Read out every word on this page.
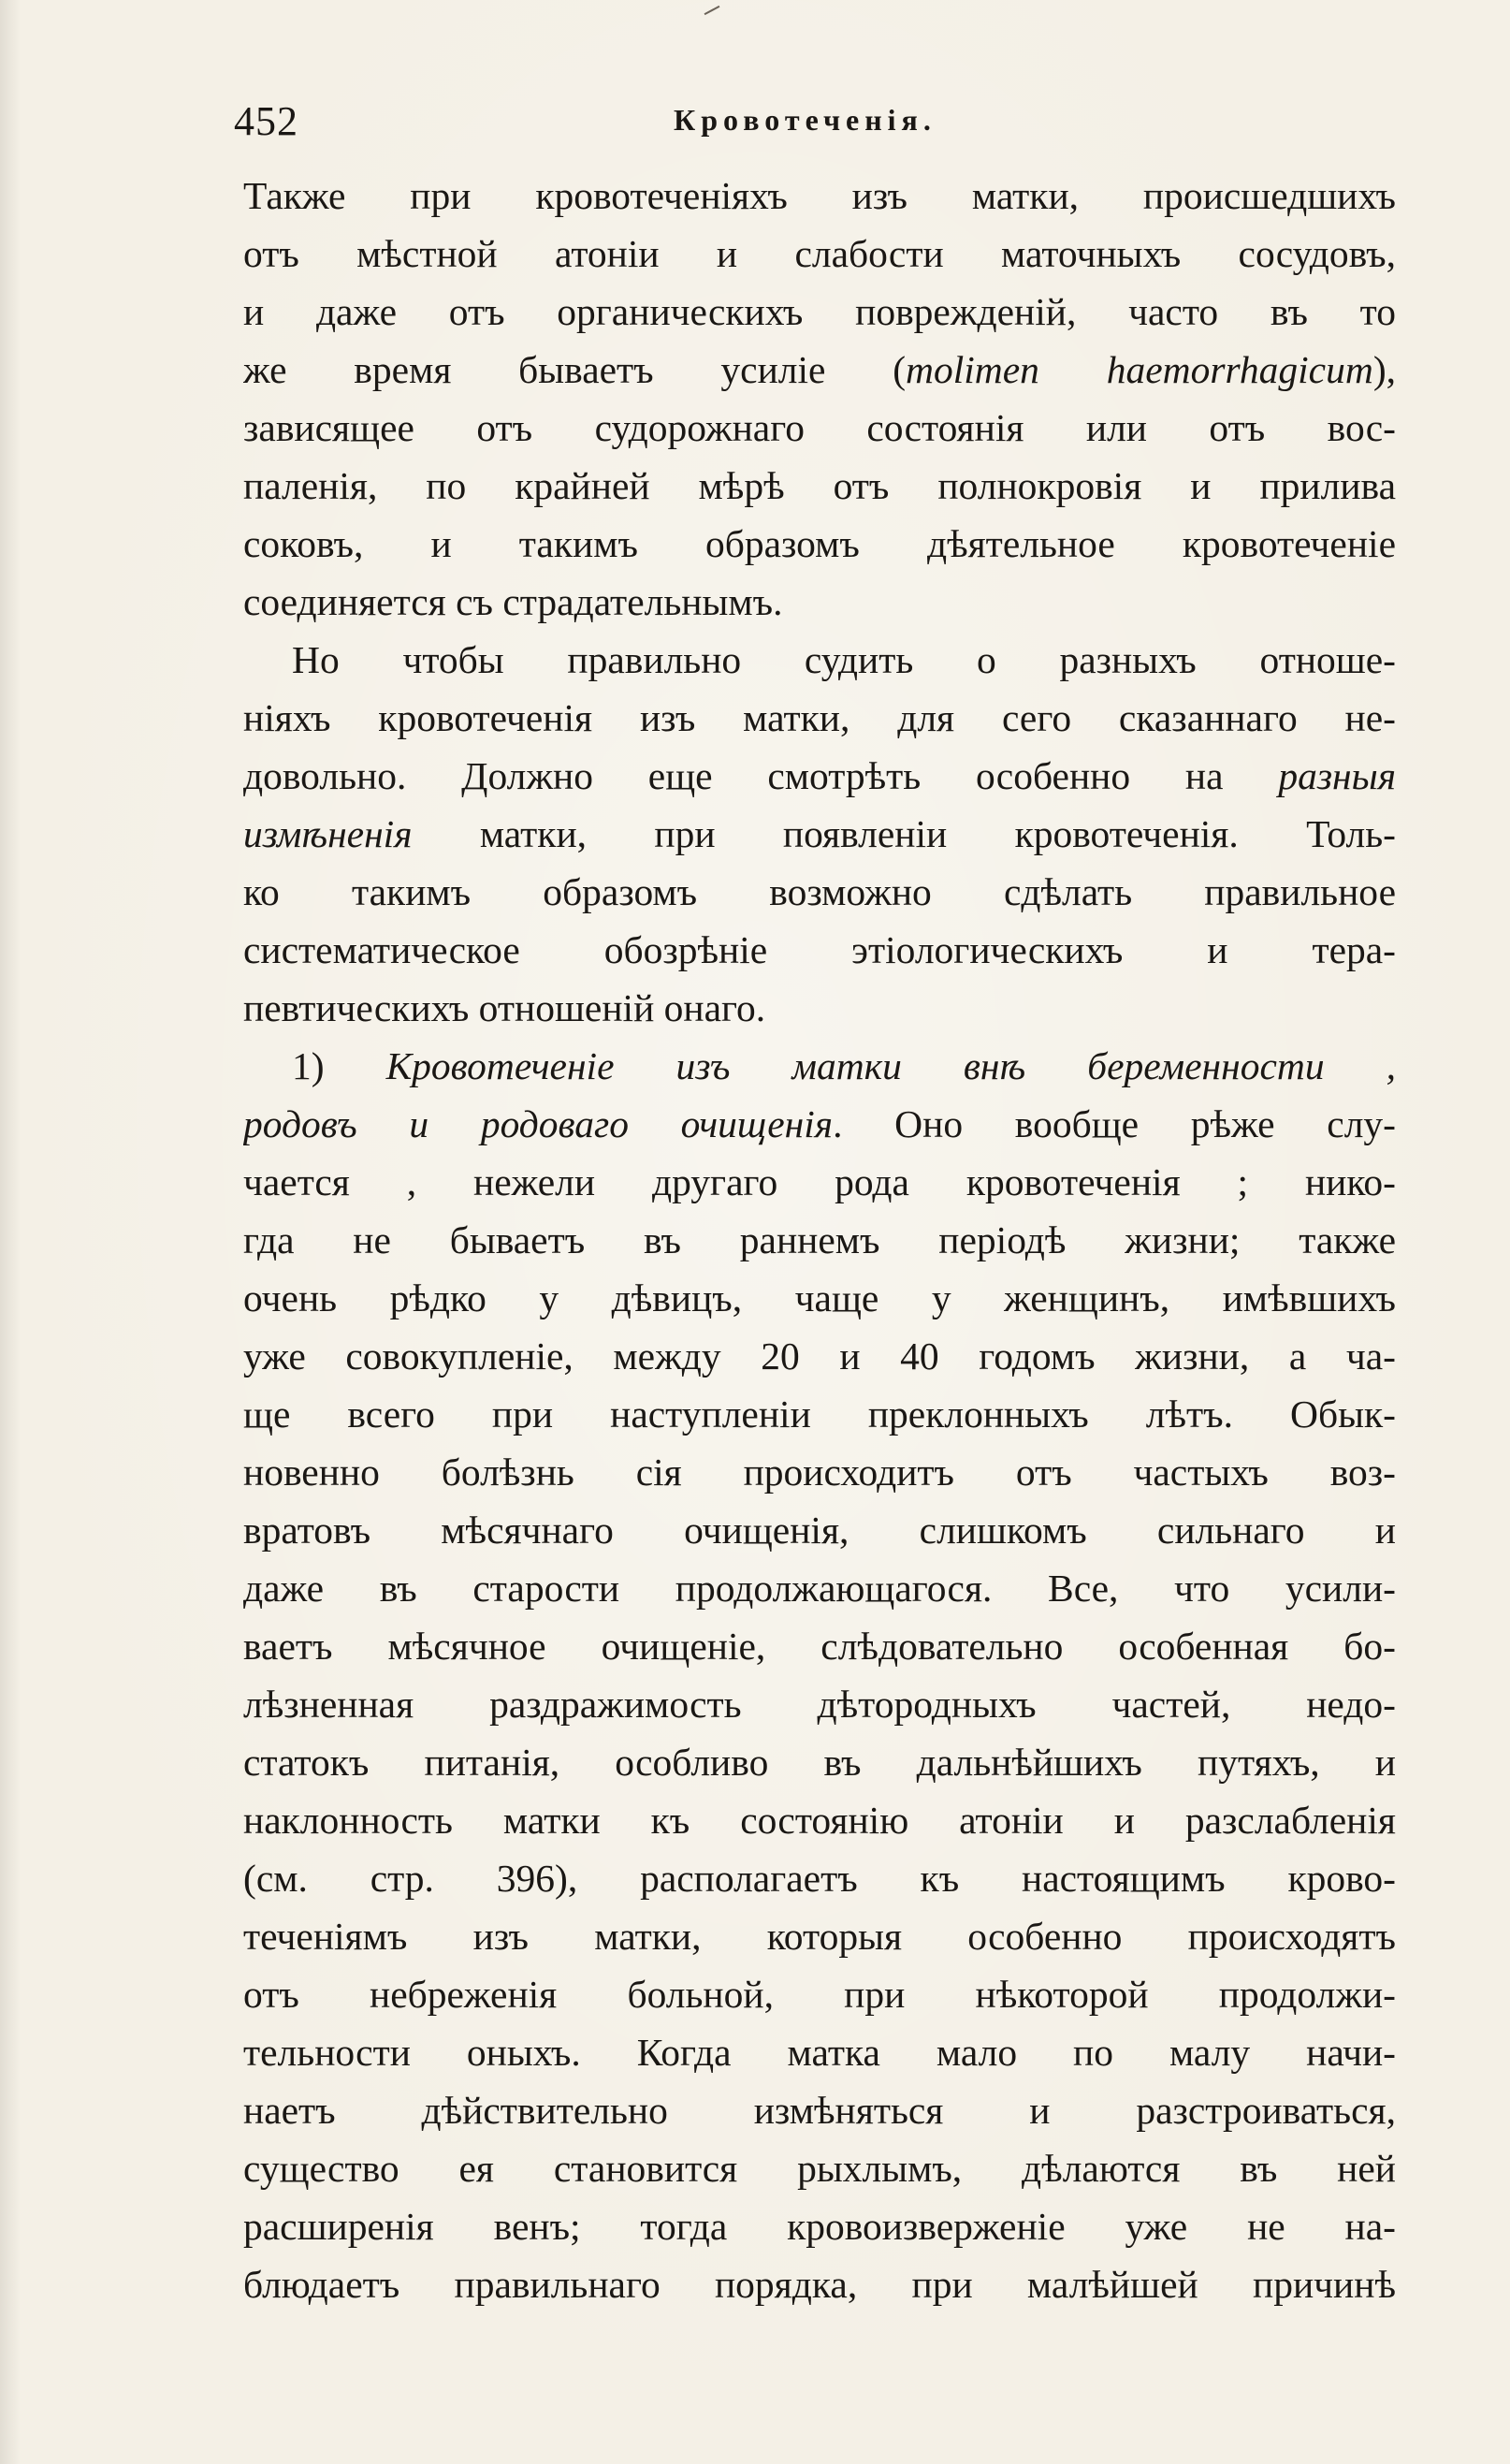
452	Кровотеченія.
Также при кровотеченіяхъ изъ матки, происшедшихъ
отъ мѣстной атоніи и слабости маточныхъ сосудовъ,
и даже отъ органическихъ поврежденій, часто въ то
же время бываетъ усиліе (molimen haemorrhagicum),
зависящее отъ судорожнаго состоянія или отъ вос-
паленія, по крайней мѣрѣ отъ полнокровія и прилива
соковъ, и такимъ образомъ дѣятельное кровотеченіе
соединяется съ страдательнымъ.
Но чтобы правильно судить о разныхъ отноше-
ніяхъ кровотеченія изъ матки, для сего сказаннаго не-
довольно. Должно еще смотрѣть особенно на разныя
измѣненія матки, при появленіи кровотеченія. Толь-
ко такимъ образомъ возможно сдѣлать правильное
систематическое обозрѣніе этіологическихъ и тера-
певтическихъ отношеній онаго.
1) Кровотеченіе изъ матки внѣ беременности ,
родовъ и родоваго очищенія. Оно вообще рѣже слу-
чается , нежели другаго рода кровотеченія ; нико-
гда не бываетъ въ раннемъ періодѣ жизни; также
очень рѣдко у дѣвицъ, чаще у женщинъ, имѣвшихъ
уже совокупленіе, между 20 и 40 годомъ жизни, а ча-
ще всего при наступленіи преклонныхъ лѣтъ. Обык-
новенно болѣзнь сія происходитъ отъ частыхъ воз-
вратовъ мѣсячнаго очищенія, слишкомъ сильнаго и
даже въ старости продолжающагося. Все, что усили-
ваетъ мѣсячное очищеніе, слѣдовательно особенная бо-
лѣзненная раздражимость дѣтородныхъ частей, недо-
статокъ питанія, особливо въ дальнѣйшихъ путяхъ, и
наклонность матки къ состоянію атоніи и разслабленія
(см. стр. 396), располагаетъ къ настоящимъ крово-
теченіямъ изъ матки, которыя особенно происходятъ
отъ небреженія больной, при нѣкоторой продолжи-
тельности оныхъ. Когда матка мало по малу начи-
наетъ дѣйствительно измѣняться и разстроиваться,
существо ея становится рыхлымъ, дѣлаются въ ней
расширенія венъ; тогда кровоизверженіе уже не на-
блюдаетъ правильнаго порядка, при малѣйшей причинѣ
